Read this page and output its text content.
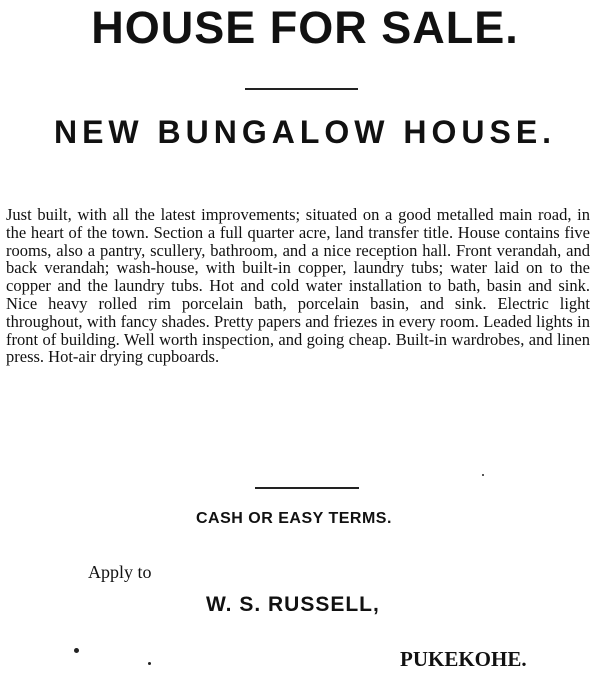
HOUSE FOR SALE.
NEW BUNGALOW HOUSE.

Just built, with all the latest improvements; situated on a good metalled main road, in the heart of the town. Section a full quarter acre, land transfer title. House contains five rooms, also a pantry, scullery, bathroom, and a nice reception hall. Front verandah, and back verandah; wash-house, with built-in copper, laundry tubs; water laid on to the copper and the laundry tubs. Hot and cold water installation to bath, basin and sink. Nice heavy rolled rim porcelain bath, porcelain basin, and sink. Electric light throughout, with fancy shades. Pretty papers and friezes in every room. Leaded lights in front of building. Well worth inspection, and going cheap. Built-in wardrobes, and linen press. Hot-air drying cupboards.

CASH OR EASY TERMS.

Apply to

W. S. RUSSELL,

PUKEKOHE.
